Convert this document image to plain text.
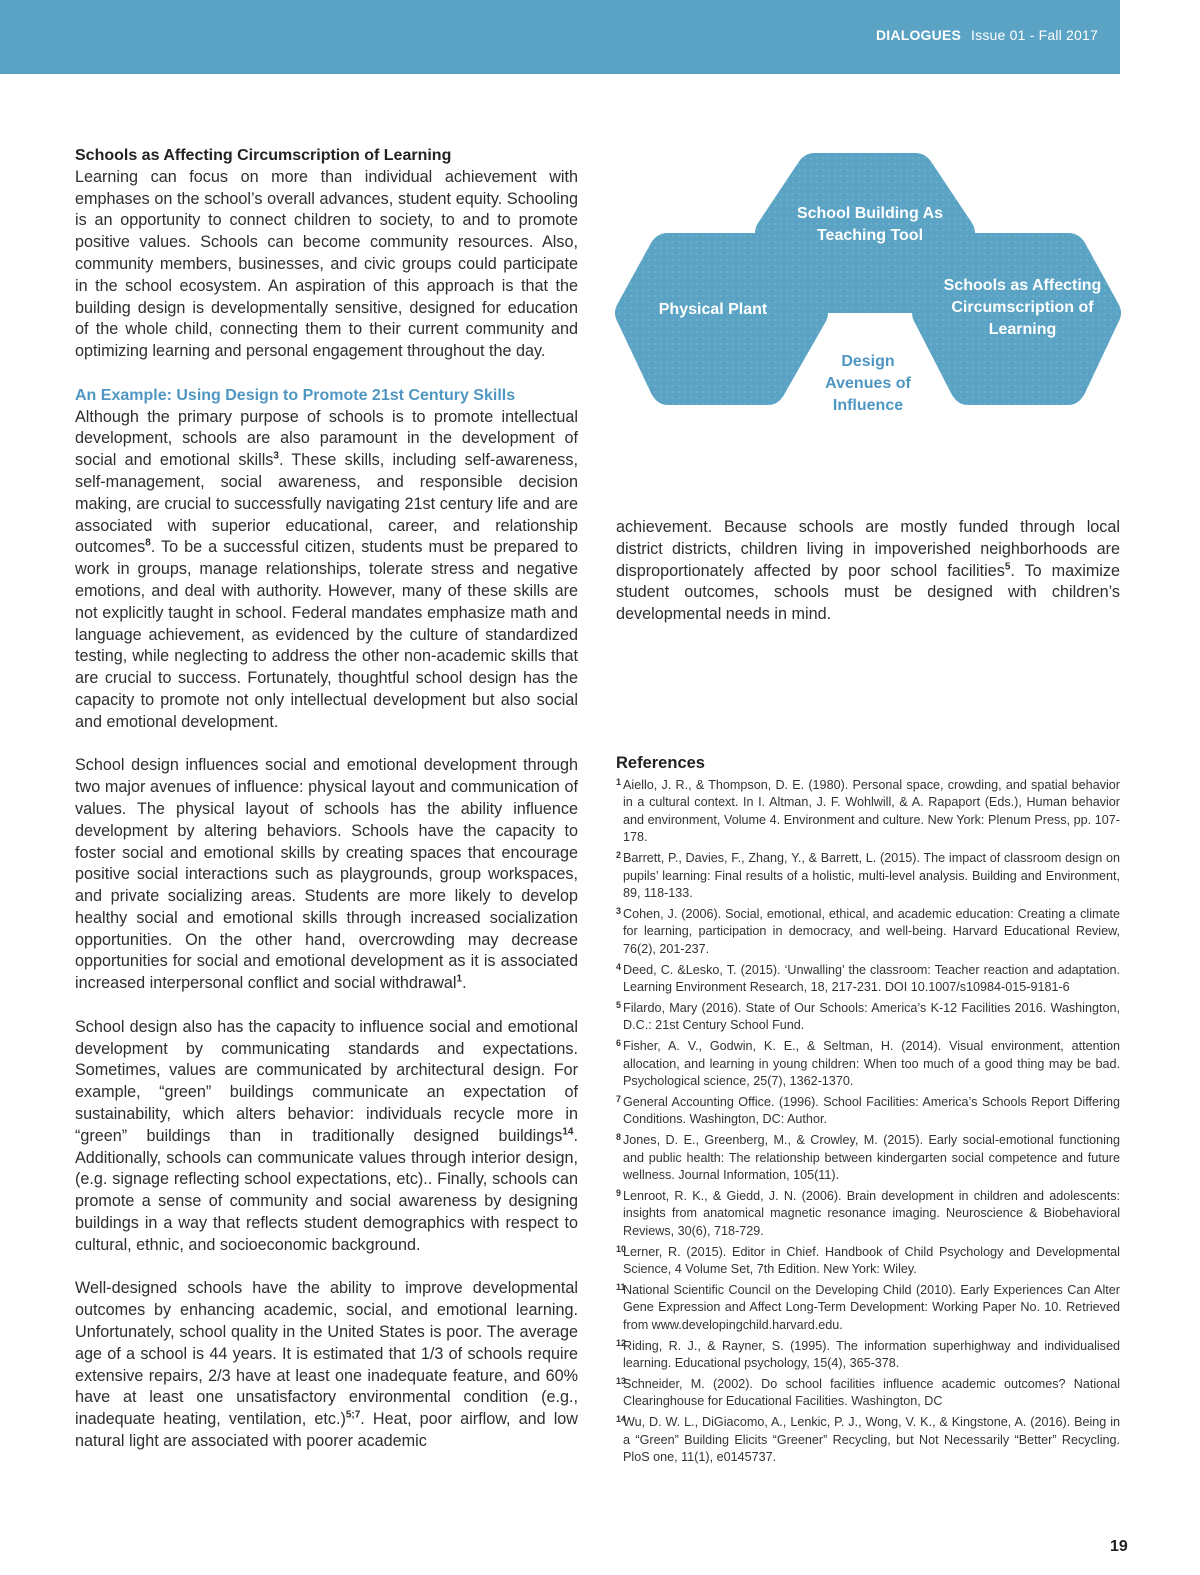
DIALOGUES Issue 01 - Fall 2017
Schools as Affecting Circumscription of Learning

Learning can focus on more than individual achievement with emphases on the school’s overall advances, student equity. Schooling is an opportunity to connect children to society, to and to promote positive values. Schools can become community resources. Also, community members, businesses, and civic groups could participate in the school ecosystem. An aspiration of this approach is that the building design is developmentally sensitive, designed for education of the whole child, connecting them to their current community and optimizing learning and personal engagement throughout the day.

An Example: Using Design to Promote 21st Century Skills

Although the primary purpose of schools is to promote intellectual development, schools are also paramount in the development of social and emotional skills$^3$. These skills, including self-awareness, self-management, social awareness, and responsible decision making, are crucial to successfully navigating 21st century life and are associated with superior educational, career, and relationship outcomes$^8$. To be a successful citizen, students must be prepared to work in groups, manage relationships, tolerate stress and negative emotions, and deal with authority. However, many of these skills are not explicitly taught in school. Federal mandates emphasize math and language achievement, as evidenced by the culture of standardized testing, while neglecting to address the other non-academic skills that are crucial to success. Fortunately, thoughtful school design has the capacity to promote not only intellectual development but also social and emotional development.

School design influences social and emotional development through two major avenues of influence: physical layout and communication of values. The physical layout of schools has the ability influence development by altering behaviors. Schools have the capacity to foster social and emotional skills by creating spaces that encourage positive social interactions such as playgrounds, group workspaces, and private socializing areas. Students are more likely to develop healthy social and emotional skills through increased socialization opportunities. On the other hand, overcrowding may decrease opportunities for social and emotional development as it is associated increased interpersonal conflict and social withdrawal$^1$.

School design also has the capacity to influence social and emotional development by communicating standards and expectations. Sometimes, values are communicated by architectural design. For example, “green” buildings communicate an expectation of sustainability, which alters behavior: individuals recycle more in “green” buildings than in traditionally designed buildings$^{14}$. Additionally, schools can communicate values through interior design, (e.g. signage reflecting school expectations, etc).. Finally, schools can promote a sense of community and social awareness by designing buildings in a way that reflects student demographics with respect to cultural, ethnic, and socioeconomic background.

Well-designed schools have the ability to improve developmental outcomes by enhancing academic, social, and emotional learning. Unfortunately, school quality in the United States is poor. The average age of a school is 44 years. It is estimated that 1/3 of schools require extensive repairs, 2/3 have at least one inadequate feature, and 60% have at least one unsatisfactory environmental condition (e.g., inadequate heating, ventilation, etc.)$^{5;7}$. Heat, poor airflow, and low natural light are associated with poorer academic

School Building As Teaching Tool
Physical Plant
Schools as Affecting Circumscription of Learning
Design Avenues of Influence

achievement. Because schools are mostly funded through local district districts, children living in impoverished neighborhoods are disproportionately affected by poor school facilities$^5$. To maximize student outcomes, schools must be designed with children’s developmental needs in mind.

References
1 Aiello, J. R., & Thompson, D. E. (1980). Personal space, crowding, and spatial behavior in a cultural context. In I. Altman, J. F. Wohlwill, & A. Rapaport (Eds.), Human behavior and environment, Volume 4. Environment and culture. New York: Plenum Press, pp. 107-178.
2 Barrett, P., Davies, F., Zhang, Y., & Barrett, L. (2015). The impact of classroom design on pupils’ learning: Final results of a holistic, multi-level analysis. Building and Environment, 89, 118-133.
3 Cohen, J. (2006). Social, emotional, ethical, and academic education: Creating a climate for learning, participation in democracy, and well-being. Harvard Educational Review, 76(2), 201-237.
4 Deed, C. &Lesko, T. (2015). ‘Unwalling’ the classroom: Teacher reaction and adaptation. Learning Environment Research, 18, 217-231. DOI 10.1007/s10984-015-9181-6
5 Filardo, Mary (2016). State of Our Schools: America’s K-12 Facilities 2016. Washington, D.C.: 21st Century School Fund.
6 Fisher, A. V., Godwin, K. E., & Seltman, H. (2014). Visual environment, attention allocation, and learning in young children: When too much of a good thing may be bad. Psychological science, 25(7), 1362-1370.
7 General Accounting Office. (1996). School Facilities: America’s Schools Report Differing Conditions. Washington, DC: Author.
8 Jones, D. E., Greenberg, M., & Crowley, M. (2015). Early social-emotional functioning and public health: The relationship between kindergarten social competence and future wellness. Journal Information, 105(11).
9 Lenroot, R. K., & Giedd, J. N. (2006). Brain development in children and adolescents: insights from anatomical magnetic resonance imaging. Neuroscience & Biobehavioral Reviews, 30(6), 718-729.
10
Lerner, R. (2015). Editor in Chief. Handbook of Child Psychology and Developmental Science, 4 Volume Set, 7th Edition. New York: Wiley.
11
National Scientific Council on the Developing Child (2010). Early Experiences Can Alter Gene Expression and Affect Long-Term Development: Working Paper No. 10. Retrieved from www.developingchild.harvard.edu.
12
Riding, R. J., & Rayner, S. (1995). The information superhighway and individualised learning. Educational psychology, 15(4), 365-378.
13
Schneider, M. (2002). Do school facilities influence academic outcomes? National Clearinghouse for Educational Facilities. Washington, DC
14
Wu, D. W. L., DiGiacomo, A., Lenkic, P. J., Wong, V. K., & Kingstone, A. (2016). Being in a “Green” Building Elicits “Greener” Recycling, but Not Necessarily “Better” Recycling. PloS one, 11(1), e0145737.
19
